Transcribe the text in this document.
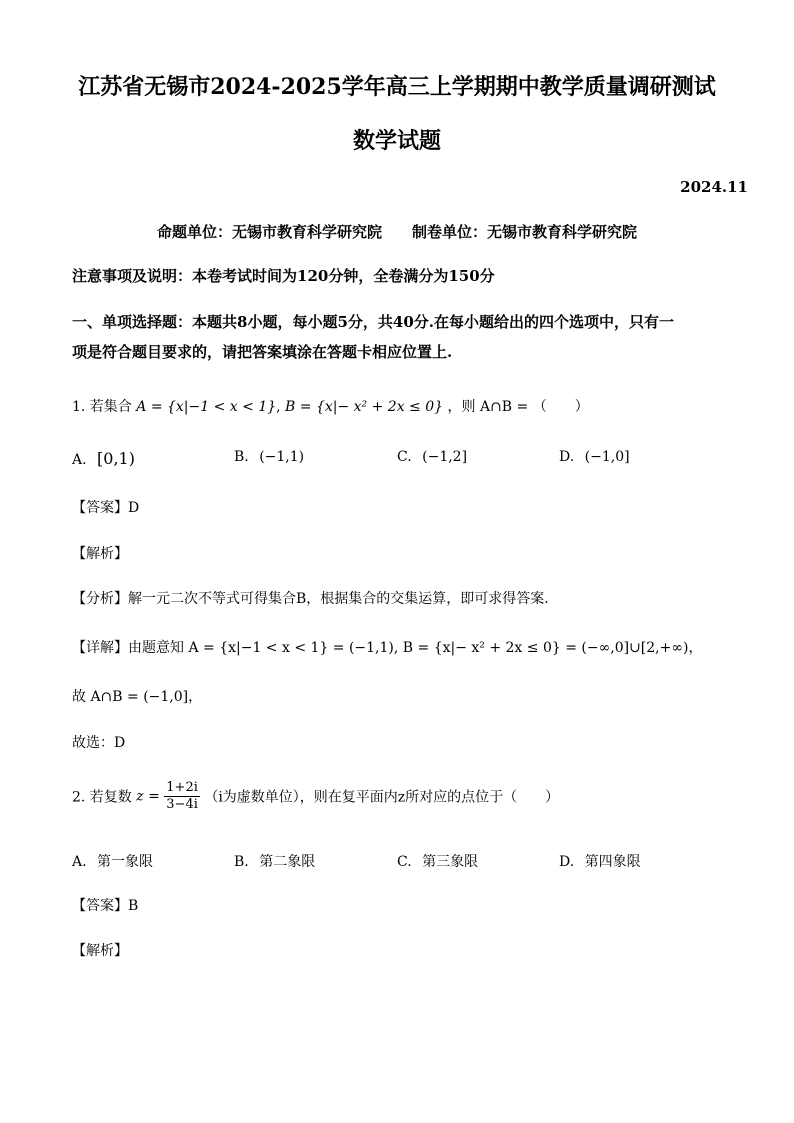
江苏省无锡市2024-2025学年高三上学期期中教学质量调研测试
数学试题
2024.11
命题单位：无锡市教育科学研究院　　制卷单位：无锡市教育科学研究院
注意事项及说明：本卷考试时间为120分钟，全卷满分为150分
一、单项选择题：本题共8小题，每小题5分，共40分.在每小题给出的四个选项中，只有一
项是符合题目要求的，请把答案填涂在答题卡相应位置上.
1. 若集合 A = {x|−1 < x < 1}, B = {x|− x² + 2x ≤ 0} ，则 A∩B = （　　）
A. [0,1)	B. (−1,1)	C. (−1,2]	D. (−1,0]
【答案】D
【解析】
【分析】解一元二次不等式可得集合B，根据集合的交集运算，即可求得答案.
【详解】由题意知 A = {x|−1 < x < 1} = (−1,1), B = {x|− x² + 2x ≤ 0} = (−∞,0]∪[2,+∞)，
故 A∩B = (−1,0]，
故选：D
2. 若复数 $z = \frac{1+2i}{3-4i} (i$为虚数单位），则在复平面内z所对应的点位于（　　）
A. 第一象限	B. 第二象限	C. 第三象限	D. 第四象限
【答案】B
【解析】
